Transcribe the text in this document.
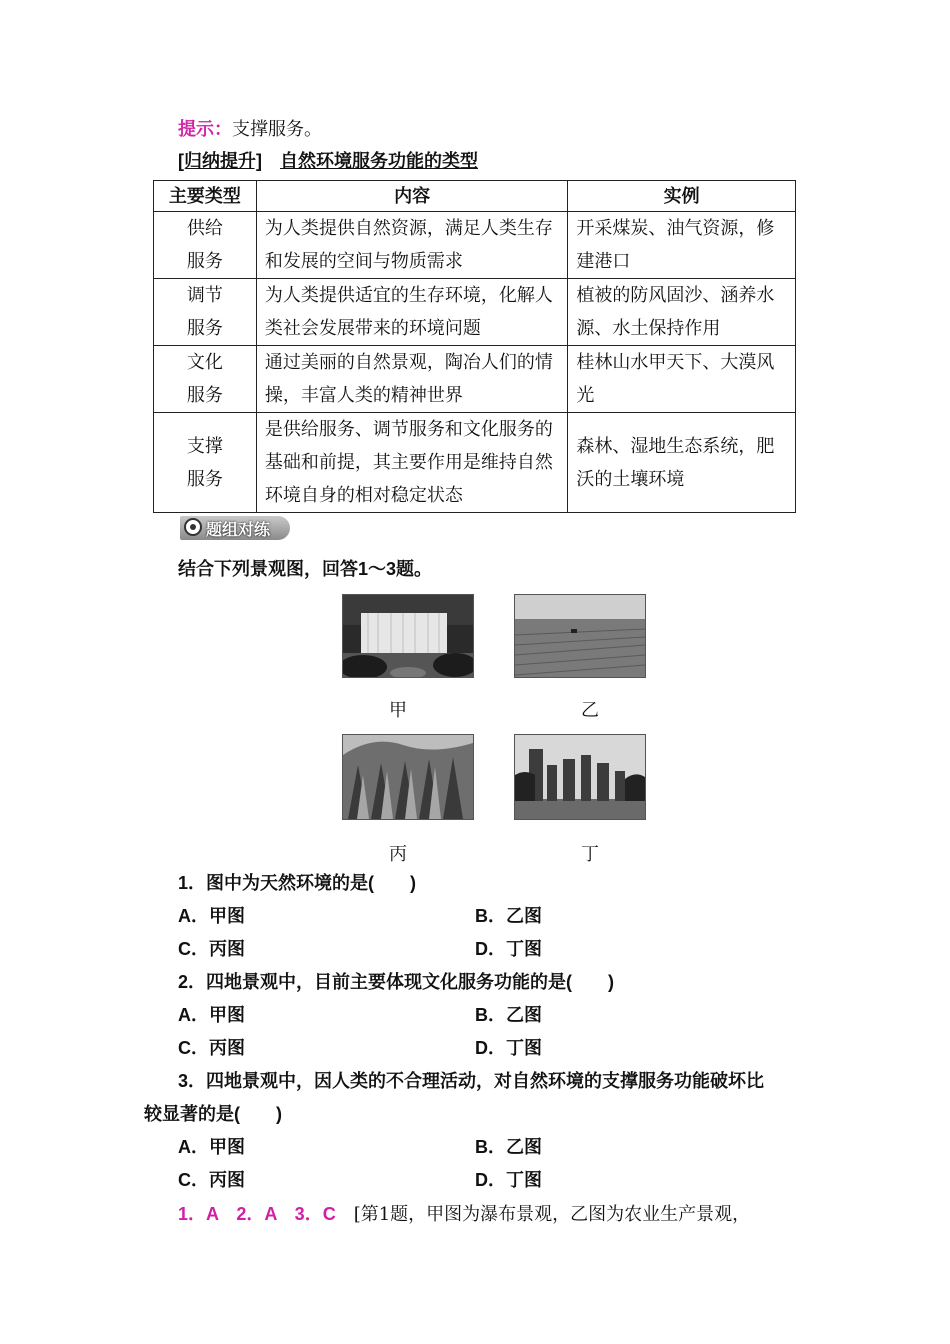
提示：支撑服务。
[归纳提升]　 自然环境服务功能的类型
主要类型	内容	实例
供给
服务	为人类提供自然资源，满足人类生存和发展的空间与物质需求	开采煤炭、油气资源，修建港口
调节
服务	为人类提供适宜的生存环境，化解人类社会发展带来的环境问题	植被的防风固沙、涵养水源、水土保持作用
文化
服务	通过美丽的自然景观，陶冶人们的情操，丰富人类的精神世界	桂林山水甲天下、大漠风光
支撑
服务	是供给服务、调节服务和文化服务的基础和前提，其主要作用是维持自然环境自身的相对稳定状态	森林、湿地生态系统，肥沃的土壤环境
题组对练
结合下列景观图，回答1～3题。
甲	乙
丙	丁
1．图中为天然环境的是(　　)
A．甲图	B．乙图
C．丙图	D．丁图
2．四地景观中，目前主要体现文化服务功能的是(　　)
A．甲图	B．乙图
C．丙图	D．丁图
3．四地景观中，因人类的不合理活动，对自然环境的支撑服务功能破坏比
较显著的是(　　)
A．甲图	B．乙图
C．丙图	D．丁图
1．A　2．A　3．C　 [第1题，甲图为瀑布景观，乙图为农业生产景观，
